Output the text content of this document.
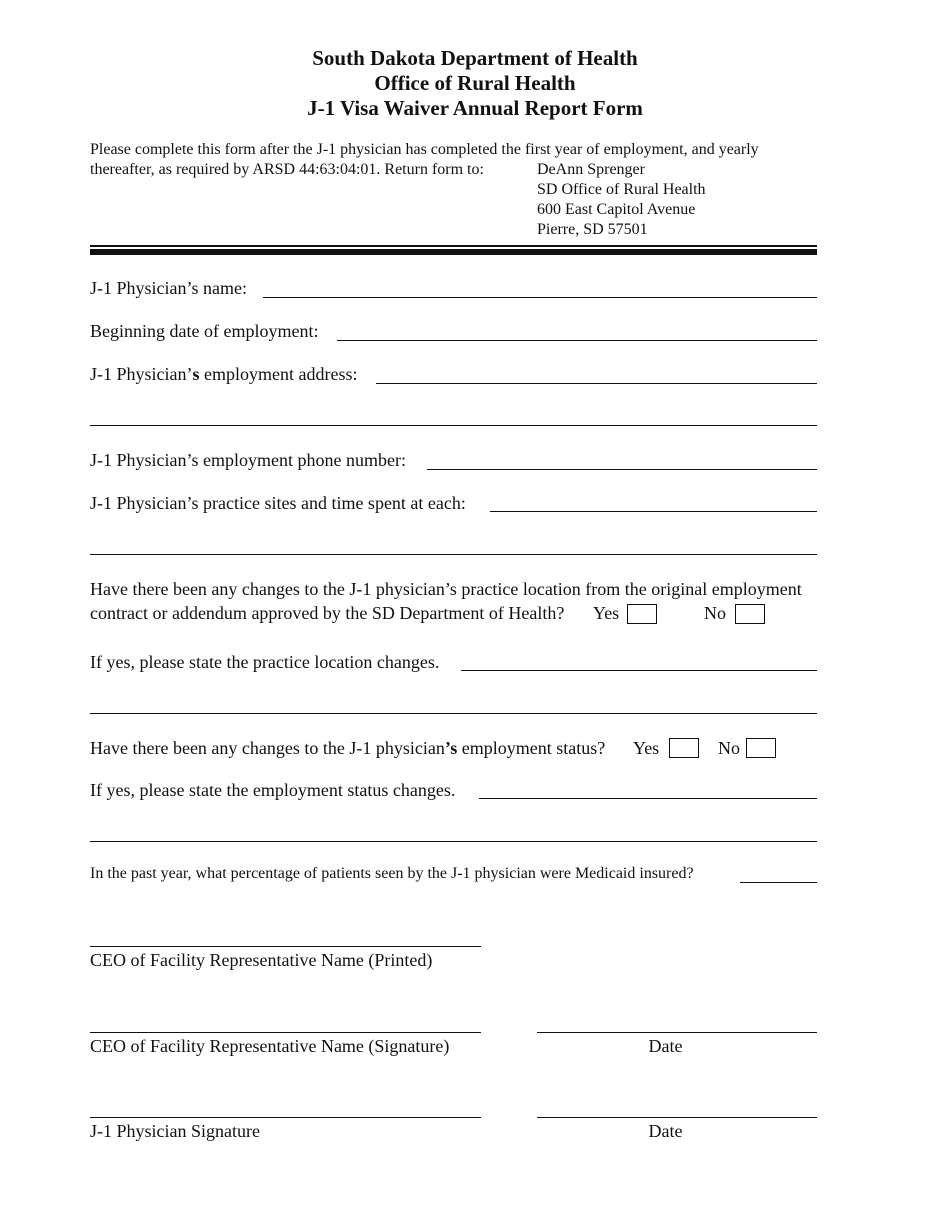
South Dakota Department of Health
Office of Rural Health
J-1 Visa Waiver Annual Report Form
Please complete this form after the J-1 physician has completed the first year of employment, and yearly
thereafter, as required by ARSD 44:63:04:01. Return form to:	DeAnn Sprenger
SD Office of Rural Health
600 East Capitol Avenue
Pierre, SD 57501
J-1 Physician’s name:
Beginning date of employment:
J-1 Physician’s employment address:
J-1 Physician’s employment phone number:
J-1 Physician’s practice sites and time spent at each:
Have there been any changes to the J-1 physician’s practice location from the original employment
contract or addendum approved by the SD Department of Health? Yes	No
If yes, please state the practice location changes.
Have there been any changes to the J-1 physician’s employment status? Yes	No
If yes, please state the employment status changes.
In the past year, what percentage of patients seen by the J-1 physician were Medicaid insured?
CEO of Facility Representative Name (Printed)
CEO of Facility Representative Name (Signature)	Date
J-1 Physician Signature	Date
